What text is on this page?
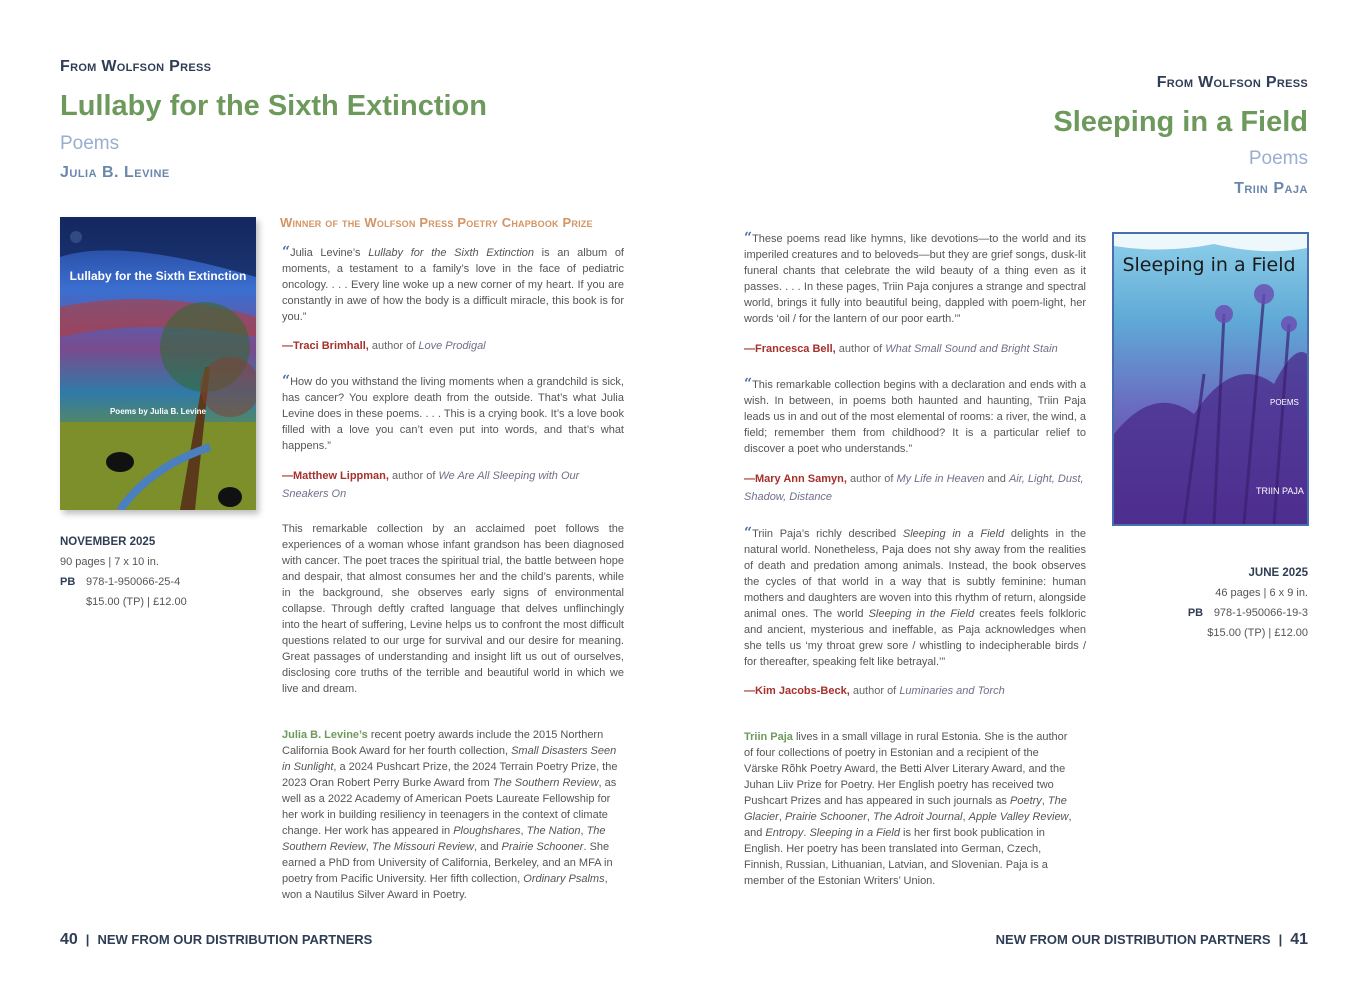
From Wolfson Press
Lullaby for the Sixth Extinction
Poems
Julia B. Levine
Lullaby for the Sixth Extinction
Poems by Julia B. Levine
NOVEMBER 2025
90 pages | 7 x 10 in.
PB 978-1-950066-25-4
$15.00 (TP) | £12.00
Winner of the Wolfson Press Poetry Chapbook Prize
“Julia Levine’s Lullaby for the Sixth Extinction is an album of moments, a testament to a family’s love in the face of pediatric oncology. . . . Every line woke up a new corner of my heart. If you are constantly in awe of how the body is a difficult miracle, this book is for you.”
—Traci Brimhall, author of Love Prodigal
“How do you withstand the living moments when a grandchild is sick, has cancer? You explore death from the outside. That’s what Julia Levine does in these poems. . . . This is a crying book. It’s a love book filled with a love you can’t even put into words, and that’s what happens.”
—Matthew Lippman, author of We Are All Sleeping with Our Sneakers On
This remarkable collection by an acclaimed poet follows the experiences of a woman whose infant grandson has been diagnosed with cancer. The poet traces the spiritual trial, the battle between hope and despair, that almost consumes her and the child’s parents, while in the background, she observes early signs of environmental collapse. Through deftly crafted language that delves unflinchingly into the heart of suffering, Levine helps us to confront the most difficult questions related to our urge for survival and our desire for meaning. Great passages of understanding and insight lift us out of ourselves, disclosing core truths of the terrible and beautiful world in which we live and dream.
Julia B. Levine’s recent poetry awards include the 2015 Northern California Book Award for her fourth collection, Small Disasters Seen in Sunlight, a 2024 Pushcart Prize, the 2024 Terrain Poetry Prize, the 2023 Oran Robert Perry Burke Award from The Southern Review, as well as a 2022 Academy of American Poets Laureate Fellowship for her work in building resiliency in teenagers in the context of climate change. Her work has appeared in Ploughshares, The Nation, The Southern Review, The Missouri Review, and Prairie Schooner. She earned a PhD from University of California, Berkeley, and an MFA in poetry from Pacific University. Her fifth collection, Ordinary Psalms, won a Nautilus Silver Award in Poetry.
40 | NEW FROM OUR DISTRIBUTION PARTNERS
From Wolfson Press
Sleeping in a Field
Poems
Triin Paja
“These poems read like hymns, like devotions—to the world and its imperiled creatures and to beloveds—but they are grief songs, dusk-lit funeral chants that celebrate the wild beauty of a thing even as it passes. . . . In these pages, Triin Paja conjures a strange and spectral world, brings it fully into beautiful being, dappled with poem-light, her words ‘oil / for the lantern of our poor earth.’”
—Francesca Bell, author of What Small Sound and Bright Stain
“This remarkable collection begins with a declaration and ends with a wish. In between, in poems both haunted and haunting, Triin Paja leads us in and out of the most elemental of rooms: a river, the wind, a field; remember them from childhood? It is a particular relief to discover a poet who understands.”
—Mary Ann Samyn, author of My Life in Heaven and Air, Light, Dust, Shadow, Distance
“Triin Paja’s richly described Sleeping in a Field delights in the natural world. Nonetheless, Paja does not shy away from the realities of death and predation among animals. Instead, the book observes the cycles of that world in a way that is subtly feminine: human mothers and daughters are woven into this rhythm of return, alongside animal ones. The world Sleeping in the Field creates feels folkloric and ancient, mysterious and ineffable, as Paja acknowledges when she tells us ‘my throat grew sore / whistling to indecipherable birds / for thereafter, speaking felt like betrayal.’”
—Kim Jacobs-Beck, author of Luminaries and Torch
Triin Paja lives in a small village in rural Estonia. She is the author of four collections of poetry in Estonian and a recipient of the Värske Rõhk Poetry Award, the Betti Alver Literary Award, and the Juhan Liiv Prize for Poetry. Her English poetry has received two Pushcart Prizes and has appeared in such journals as Poetry, The Glacier, Prairie Schooner, The Adroit Journal, Apple Valley Review, and Entropy. Sleeping in a Field is her first book publication in English. Her poetry has been translated into German, Czech, Finnish, Russian, Lithuanian, Latvian, and Slovenian. Paja is a member of the Estonian Writers’ Union.
Sleeping in a Field
POEMS
TRIIN PAJA
JUNE 2025
46 pages | 6 x 9 in.
PB 978-1-950066-19-3
$15.00 (TP) | £12.00
NEW FROM OUR DISTRIBUTION PARTNERS | 41
